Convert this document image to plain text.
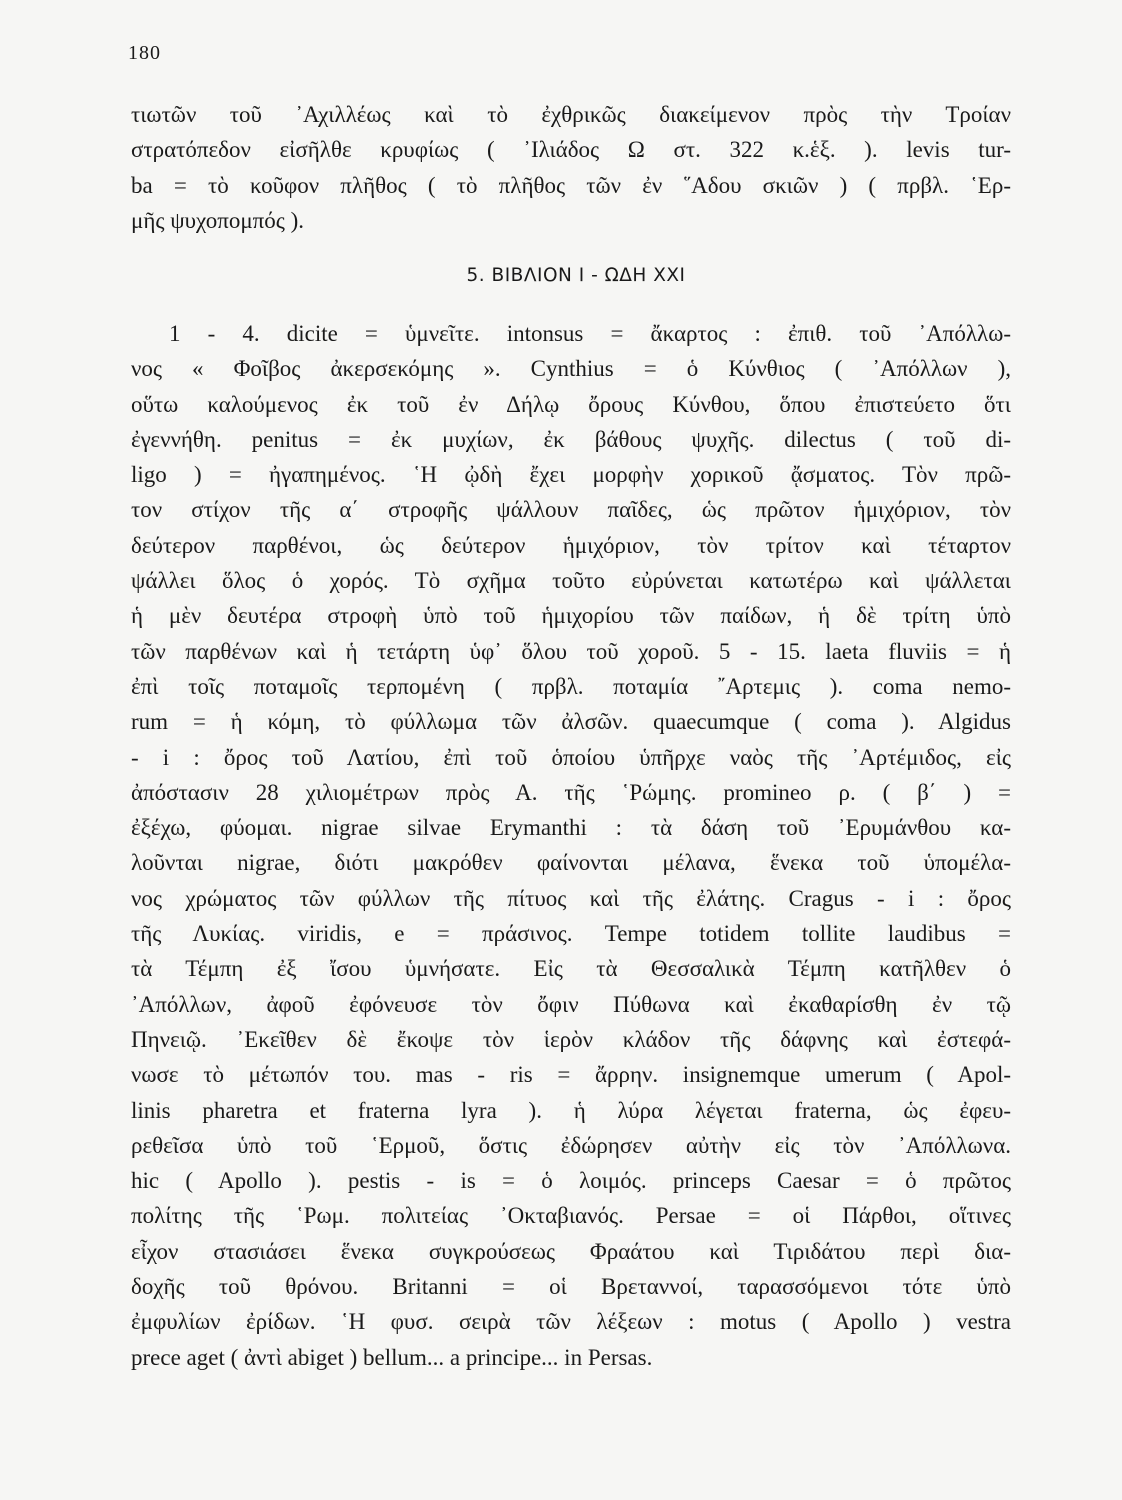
180
τιωτῶν τοῦ ᾿Αχιλλέως καὶ τὸ ἐχθρικῶς διακείμενον πρὸς τὴν Τροίαν
στρατόπεδον εἰσῆλθε κρυφίως ( ᾿Ιλιάδος Ω στ. 322 κ.ἑξ. ). levis tur-
ba = τὸ κοῦφον πλῆθος ( τὸ πλῆθος τῶν ἐν ῞Αδου σκιῶν ) ( πρβλ. ῾Ερ-
μῆς ψυχοπομπός ).
5. ΒΙΒΛΙΟΝ Ι - ΩΔΗ XXI
1 - 4. dicite = ὑμνεῖτε. intonsus = ἄκαρτος : ἐπιθ. τοῦ ᾿Απόλλω-
νος « Φοῖβος ἀκερσεκόμης ». Cynthius = ὁ Κύνθιος ( ᾿Απόλλων ),
οὕτω καλούμενος ἐκ τοῦ ἐν Δήλῳ ὄρους Κύνθου, ὅπου ἐπιστεύετο ὅτι
ἐγεννήθη. penitus = ἐκ μυχίων, ἐκ βάθους ψυχῆς. dilectus ( τοῦ di-
ligo ) = ἠγαπημένος. ῾Η ᾠδὴ ἔχει μορφὴν χορικοῦ ᾄσματος. Τὸν πρῶ-
τον στίχον τῆς α΄ στροφῆς ψάλλουν παῖδες, ὡς πρῶτον ἡμιχόριον, τὸν
δεύτερον παρθένοι, ὡς δεύτερον ἡμιχόριον, τὸν τρίτον καὶ τέταρτον
ψάλλει ὅλος ὁ χορός. Τὸ σχῆμα τοῦτο εὐρύνεται κατωτέρω καὶ ψάλλεται
ἡ μὲν δευτέρα στροφὴ ὑπὸ τοῦ ἡμιχορίου τῶν παίδων, ἡ δὲ τρίτη ὑπὸ
τῶν παρθένων καὶ ἡ τετάρτη ὑφ᾿ ὅλου τοῦ χοροῦ. 5 - 15. laeta fluviis = ἡ
ἐπὶ τοῖς ποταμοῖς τερπομένη ( πρβλ. ποταμία ῎Αρτεμις ). coma nemo-
rum = ἡ κόμη, τὸ φύλλωμα τῶν ἀλσῶν. quaecumque ( coma ). Algidus
- i : ὄρος τοῦ Λατίου, ἐπὶ τοῦ ὁποίου ὑπῆρχε ναὸς τῆς ᾿Αρτέμιδος, εἰς
ἀπόστασιν 28 χιλιομέτρων πρὸς Α. τῆς ῾Ρώμης. promineo ρ. ( β΄ ) =
ἐξέχω, φύομαι. nigrae silvae Erymanthi : τὰ δάση τοῦ ᾿Ερυμάνθου κα-
λοῦνται nigrae, διότι μακρόθεν φαίνονται μέλανα, ἕνεκα τοῦ ὑπομέλα-
νος χρώματος τῶν φύλλων τῆς πίτυος καὶ τῆς ἐλάτης. Cragus - i : ὄρος
τῆς Λυκίας. viridis, e = πράσινος. Tempe totidem tollite laudibus =
τὰ Τέμπη ἐξ ἴσου ὑμνήσατε. Εἰς τὰ Θεσσαλικὰ Τέμπη κατῆλθεν ὁ
᾿Απόλλων, ἀφοῦ ἐφόνευσε τὸν ὄφιν Πύθωνα καὶ ἐκαθαρίσθη ἐν τῷ
Πηνειῷ. ᾿Εκεῖθεν δὲ ἔκοψε τὸν ἱερὸν κλάδον τῆς δάφνης καὶ ἐστεφά-
νωσε τὸ μέτωπόν του. mas - ris = ἄρρην. insignemque umerum ( Apol-
linis pharetra et fraterna lyra ). ἡ λύρα λέγεται fraterna, ὡς ἐφευ-
ρεθεῖσα ὑπὸ τοῦ ῾Ερμοῦ, ὅστις ἐδώρησεν αὐτὴν εἰς τὸν ᾿Απόλλωνα.
hic ( Apollo ). pestis - is = ὁ λοιμός. princeps Caesar = ὁ πρῶτος
πολίτης τῆς ῾Ρωμ. πολιτείας ᾿Οκταβιανός. Persae = οἱ Πάρθοι, οἵτινες
εἶχον στασιάσει ἕνεκα συγκρούσεως Φραάτου καὶ Τιριδάτου περὶ δια-
δοχῆς τοῦ θρόνου. Britanni = οἱ Βρεταννοί, ταρασσόμενοι τότε ὑπὸ
ἐμφυλίων ἐρίδων. ῾Η φυσ. σειρὰ τῶν λέξεων : motus ( Apollo ) vestra
prece aget ( ἀντὶ abiget ) bellum... a principe... in Persas.
